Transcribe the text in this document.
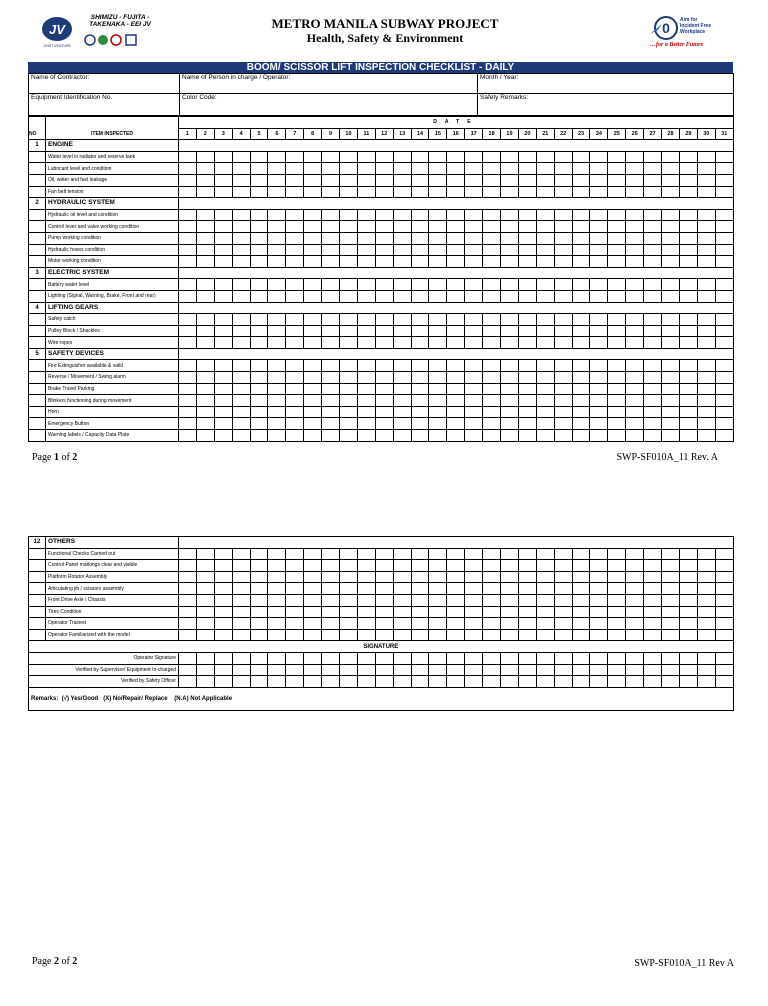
JV
JOINT VENTURE
SHIMIZU - FUJITA -
TAKENAKA - EEI JV	METRO MANILA SUBWAY PROJECT
Health, Safety & Environment
0 Aim for
Incident Free
Workplace
…for a Better Future
BOOM/ SCISSOR LIFT INSPECTION CHECKLIST - DAILY
Name of Contractor:	Name of Person in charge / Operator:	Month / Year:
Equipment Identification No.	Color Code:	Safety Remarks:
NO	ITEM INSPECTED	DATE																														
		1	2	3	4	5	6	7	8	9	10	11	12	13	14	15	16	17	18	19	20	21	22	23	24	25	26	27	28	29	30	31
1	ENGINE																															
	Water level in radiator and reserve tank																															
	Lubricant level and condition																															
	Oil, water and fuel leakage																															
	Fan belt tension																															
2	HYDRAULIC SYSTEM																															
	Hydraulic oil level and condition																															
	Control lever and valve working condition																															
	Pump working condition																															
	Hydraulic hoses condition																															
	Motor working condition																															
3	ELECTRIC SYSTEM																															
	Battery water level																															
	Lighting (Signal, Warning, Brake, Front and rear)																															
4	LIFTING GEARS																															
	Safety catch																															
	Pulley Block / Shackles																															
	Wire ropes																															
5	SAFETY DEVICES																															
	Fire Extinguisher available & valid																															
	Reverse / Movement / Swing alarm																															
	Brake Travel Parking																															
	Blinkers functioning during movement																															
	Horn																															
	Emergency Button																															
	Warning labels / Capacity Data Plate																															
Page 1 of 2	SWP-SF010A_11 Rev. A
12	OTHERS																															
	Functional Checks Carried out																															
	Control Panel markings clear and visible																															
	Platform Rotator Assembly																															
	Articulating jib / scissors assembly																															
	Front Drive Axle / Chassis																															
	Tires Condition																															
	Operator Trained																															
	Operator Familiarized with the model																															
SIGNATURE																																
Operator Signature																																
Verified by Supervisor/ Equipment In-charged																																
Verified by Safety Officer																																
Remarks: (√) Yes/Good (X) No/Repair/ Replace (N.A) Not Applicable																																
Page 2 of 2	SWP-SF010A_11 Rev A
